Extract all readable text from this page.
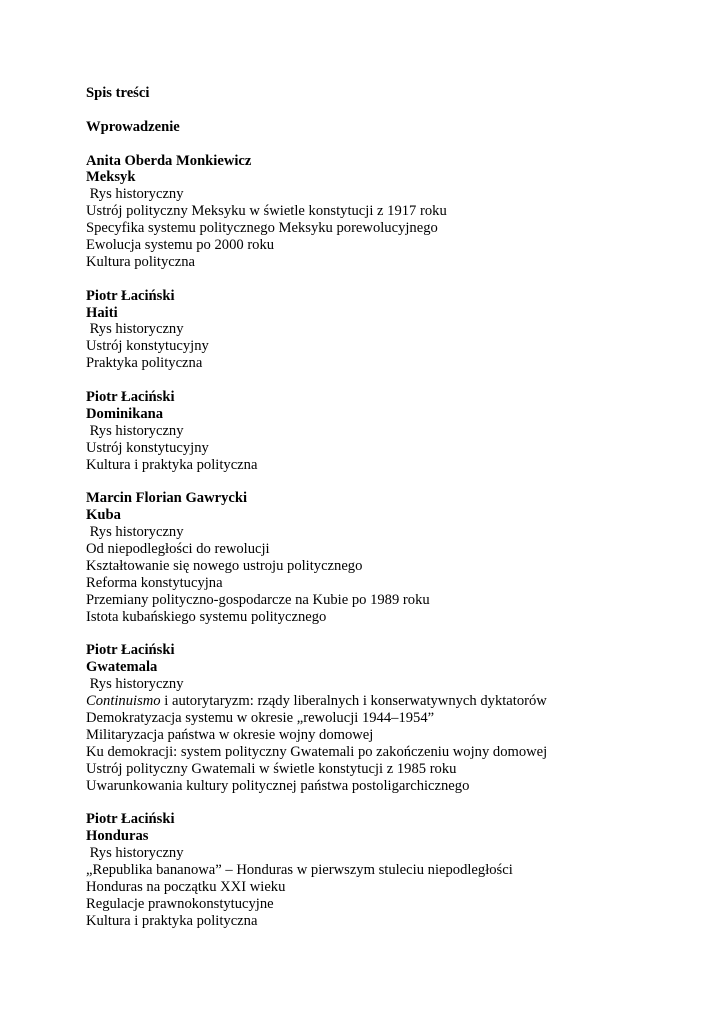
Spis treści
Wprowadzenie
Anita Oberda Monkiewicz
Meksyk
Rys historyczny
Ustrój polityczny Meksyku w świetle konstytucji z 1917 roku
Specyfika systemu politycznego Meksyku porewolucyjnego
Ewolucja systemu po 2000 roku
Kultura polityczna
Piotr Łaciński
Haiti
Rys historyczny
Ustrój konstytucyjny
Praktyka polityczna
Piotr Łaciński
Dominikana
Rys historyczny
Ustrój konstytucyjny
Kultura i praktyka polityczna
Marcin Florian Gawrycki
Kuba
Rys historyczny
Od niepodległości do rewolucji
Kształtowanie się nowego ustroju politycznego
Reforma konstytucyjna
Przemiany polityczno-gospodarcze na Kubie po 1989 roku
Istota kubańskiego systemu politycznego
Piotr Łaciński
Gwatemala
Rys historyczny
Continuismo i autorytaryzm: rządy liberalnych i konserwatywnych dyktatorów
Demokratyzacja systemu w okresie „rewolucji 1944–1954”
Militaryzacja państwa w okresie wojny domowej
Ku demokracji: system polityczny Gwatemali po zakończeniu wojny domowej
Ustrój polityczny Gwatemali w świetle konstytucji z 1985 roku
Uwarunkowania kultury politycznej państwa postoligarchicznego
Piotr Łaciński
Honduras
Rys historyczny
„Republika bananowa” – Honduras w pierwszym stuleciu niepodległości
Honduras na początku XXI wieku
Regulacje prawnokonstytucyjne
Kultura i praktyka polityczna
